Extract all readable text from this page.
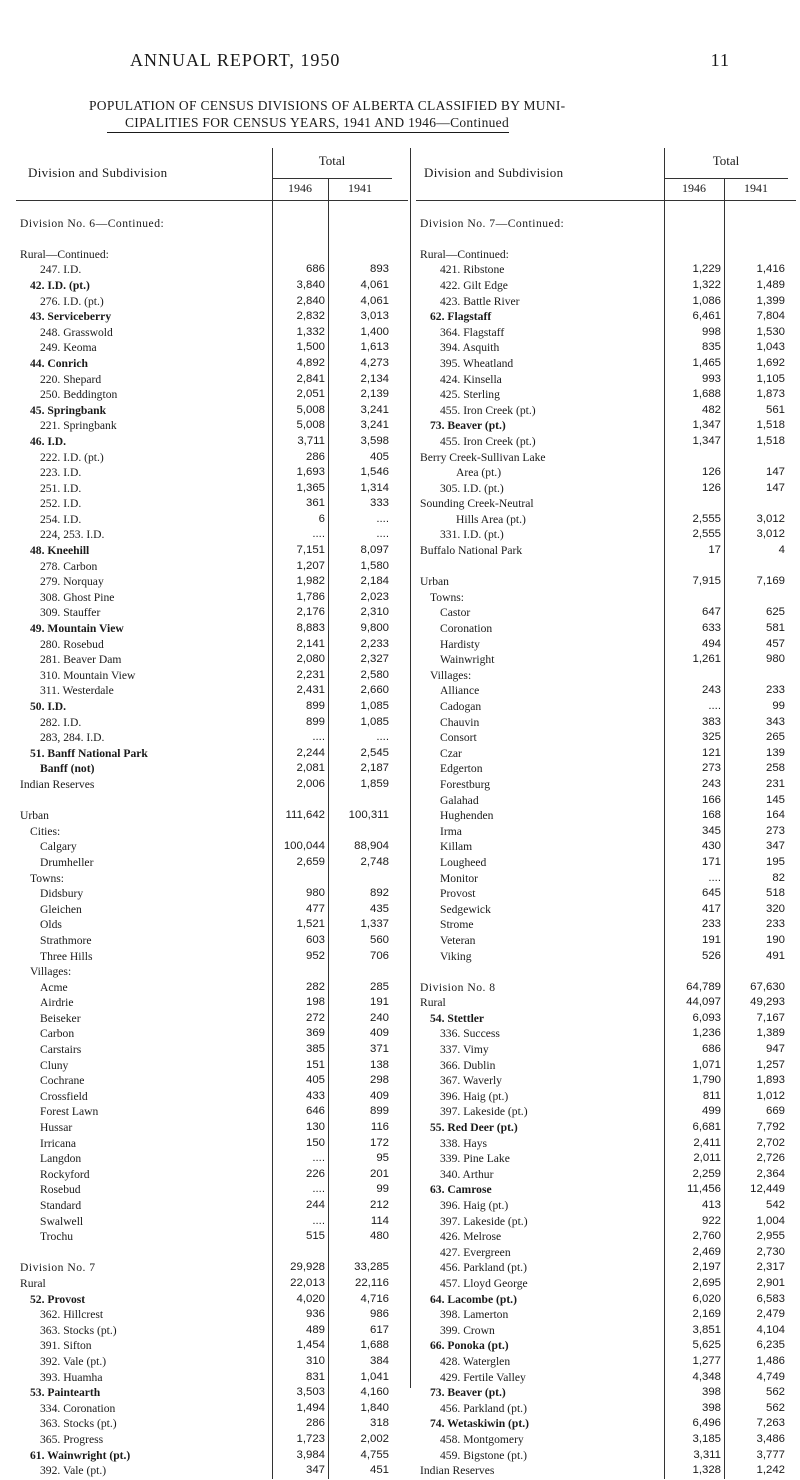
ANNUAL REPORT, 1950	11
POPULATION OF CENSUS DIVISIONS OF ALBERTA CLASSIFIED BY MUNI-
CIPALITIES FOR CENSUS YEARS, 1941 AND 1946—Continued
Division and Subdivision
Total
1946	1941
Division No. 6—Continued:
Rural—Continued:
247. I.D.	686	893
42. I.D. (pt.)	3,840	4,061
276. I.D. (pt.)	2,840	4,061
43. Serviceberry	2,832	3,013
248. Grasswold	1,332	1,400
249. Keoma	1,500	1,613
44. Conrich	4,892	4,273
220. Shepard	2,841	2,134
250. Beddington	2,051	2,139
45. Springbank	5,008	3,241
221. Springbank	5,008	3,241
46. I.D.	3,711	3,598
222. I.D. (pt.)	286	405
223. I.D.	1,693	1,546
251. I.D.	1,365	1,314
252. I.D.	361	333
254. I.D.	6	....
224, 253. I.D.	....	....
48. Kneehill	7,151	8,097
278. Carbon	1,207	1,580
279. Norquay	1,982	2,184
308. Ghost Pine	1,786	2,023
309. Stauffer	2,176	2,310
49. Mountain View	8,883	9,800
280. Rosebud	2,141	2,233
281. Beaver Dam	2,080	2,327
310. Mountain View	2,231	2,580
311. Westerdale	2,431	2,660
50. I.D.	899	1,085
282. I.D.	899	1,085
283, 284. I.D.	....	....
51. Banff National Park	2,244	2,545
Banff (not)	2,081	2,187
Indian Reserves	2,006	1,859
Urban	111,642	100,311
Cities:
Calgary	100,044	88,904
Drumheller	2,659	2,748
Towns:
Didsbury	980	892
Gleichen	477	435
Olds	1,521	1,337
Strathmore	603	560
Three Hills	952	706
Villages:
Acme	282	285
Airdrie	198	191
Beiseker	272	240
Carbon	369	409
Carstairs	385	371
Cluny	151	138
Cochrane	405	298
Crossfield	433	409
Forest Lawn	646	899
Hussar	130	116
Irricana	150	172
Langdon	....	95
Rockyford	226	201
Rosebud	....	99
Standard	244	212
Swalwell	....	114
Trochu	515	480
Division No. 7	29,928	33,285
Rural	22,013	22,116
52. Provost	4,020	4,716
362. Hillcrest	936	986
363. Stocks (pt.)	489	617
391. Sifton	1,454	1,688
392. Vale (pt.)	310	384
393. Huamha	831	1,041
53. Paintearth	3,503	4,160
334. Coronation	1,494	1,840
363. Stocks (pt.)	286	318
365. Progress	1,723	2,002
61. Wainwright (pt.)	3,984	4,755
392. Vale (pt.)	347	451
Division and Subdivision
Total
1946	1941
Division No. 7—Continued:
Rural—Continued:
421. Ribstone	1,229	1,416
422. Gilt Edge	1,322	1,489
423. Battle River	1,086	1,399
62. Flagstaff	6,461	7,804
364. Flagstaff	998	1,530
394. Asquith	835	1,043
395. Wheatland	1,465	1,692
424. Kinsella	993	1,105
425. Sterling	1,688	1,873
455. Iron Creek (pt.)	482	561
73. Beaver (pt.)	1,347	1,518
455. Iron Creek (pt.)	1,347	1,518
Berry Creek-Sullivan Lake
Area (pt.)	126	147
305. I.D. (pt.)	126	147
Sounding Creek-Neutral
Hills Area (pt.)	2,555	3,012
331. I.D. (pt.)	2,555	3,012
Buffalo National Park	17	4
Urban	7,915	7,169
Towns:
Castor	647	625
Coronation	633	581
Hardisty	494	457
Wainwright	1,261	980
Villages:
Alliance	243	233
Cadogan	....	99
Chauvin	383	343
Consort	325	265
Czar	121	139
Edgerton	273	258
Forestburg	243	231
Galahad	166	145
Hughenden	168	164
Irma	345	273
Killam	430	347
Lougheed	171	195
Monitor	....	82
Provost	645	518
Sedgewick	417	320
Strome	233	233
Veteran	191	190
Viking	526	491
Division No. 8	64,789	67,630
Rural	44,097	49,293
54. Stettler	6,093	7,167
336. Success	1,236	1,389
337. Vimy	686	947
366. Dublin	1,071	1,257
367. Waverly	1,790	1,893
396. Haig (pt.)	811	1,012
397. Lakeside (pt.)	499	669
55. Red Deer (pt.)	6,681	7,792
338. Hays	2,411	2,702
339. Pine Lake	2,011	2,726
340. Arthur	2,259	2,364
63. Camrose	11,456	12,449
396. Haig (pt.)	413	542
397. Lakeside (pt.)	922	1,004
426. Melrose	2,760	2,955
427. Evergreen	2,469	2,730
456. Parkland (pt.)	2,197	2,317
457. Lloyd George	2,695	2,901
64. Lacombe (pt.)	6,020	6,583
398. Lamerton	2,169	2,479
399. Crown	3,851	4,104
66. Ponoka (pt.)	5,625	6,235
428. Waterglen	1,277	1,486
429. Fertile Valley	4,348	4,749
73. Beaver (pt.)	398	562
456. Parkland (pt.)	398	562
74. Wetaskiwin (pt.)	6,496	7,263
458. Montgomery	3,185	3,486
459. Bigstone (pt.)	3,311	3,777
Indian Reserves	1,328	1,242
